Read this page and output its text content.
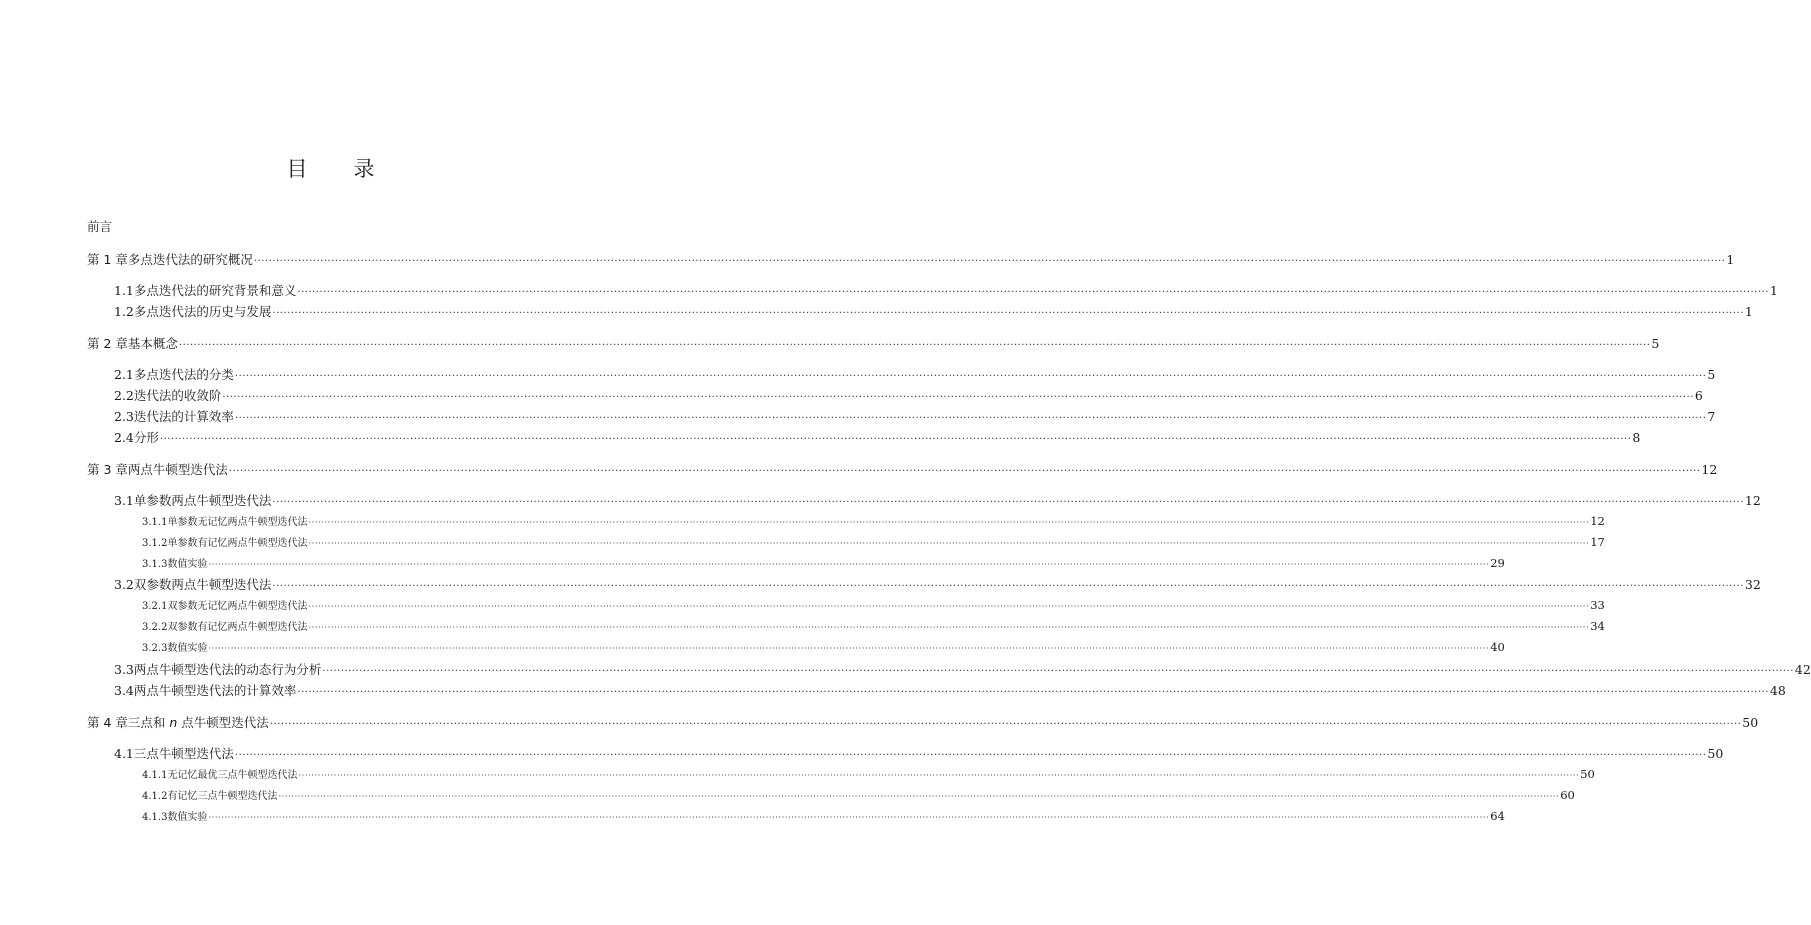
目 录
前言
第 1 章 多点迭代法的研究概况 ················································································································································································································································································································································································································ 1
1.1 多点迭代法的研究背景和意义 ················································································································································································································································································································································································································ 1
1.2 多点迭代法的历史与发展 ················································································································································································································································································································································································································ 1
第 2 章 基本概念 ················································································································································································································································································································································································································ 5
2.1 多点迭代法的分类 ················································································································································································································································································································································································································ 5
2.2 迭代法的收敛阶 ················································································································································································································································································································································································································ 6
2.3 迭代法的计算效率 ················································································································································································································································································································································································································ 7
2.4 分形 ················································································································································································································································································································································································································ 8
第 3 章 两点牛顿型迭代法 ················································································································································································································································································································································································································ 12
3.1 单参数两点牛顿型迭代法 ················································································································································································································································································································································································································ 12
3.1.1 单参数无记忆两点牛顿型迭代法 ················································································································································································································································································································································································································ 12
3.1.2 单参数有记忆两点牛顿型迭代法 ················································································································································································································································································································································································································ 17
3.1.3 数值实验 ················································································································································································································································································································································································································ 29
3.2 双参数两点牛顿型迭代法 ················································································································································································································································································································································································································ 32
3.2.1 双参数无记忆两点牛顿型迭代法 ················································································································································································································································································································································································································ 33
3.2.2 双参数有记忆两点牛顿型迭代法 ················································································································································································································································································································································································································ 34
3.2.3 数值实验 ················································································································································································································································································································································································································ 40
3.3 两点牛顿型迭代法的动态行为分析 ················································································································································································································································································································································································································ 42
3.4 两点牛顿型迭代法的计算效率 ················································································································································································································································································································································································································ 48
第 4 章 三点和 n 点牛顿型迭代法 ················································································································································································································································································································································································································ 50
4.1 三点牛顿型迭代法 ················································································································································································································································································································································································································ 50
4.1.1 无记忆最优三点牛顿型迭代法 ················································································································································································································································································································································································································ 50
4.1.2 有记忆三点牛顿型迭代法 ················································································································································································································································································································································································································ 60
4.1.3 数值实验 ················································································································································································································································································································································································································ 64
